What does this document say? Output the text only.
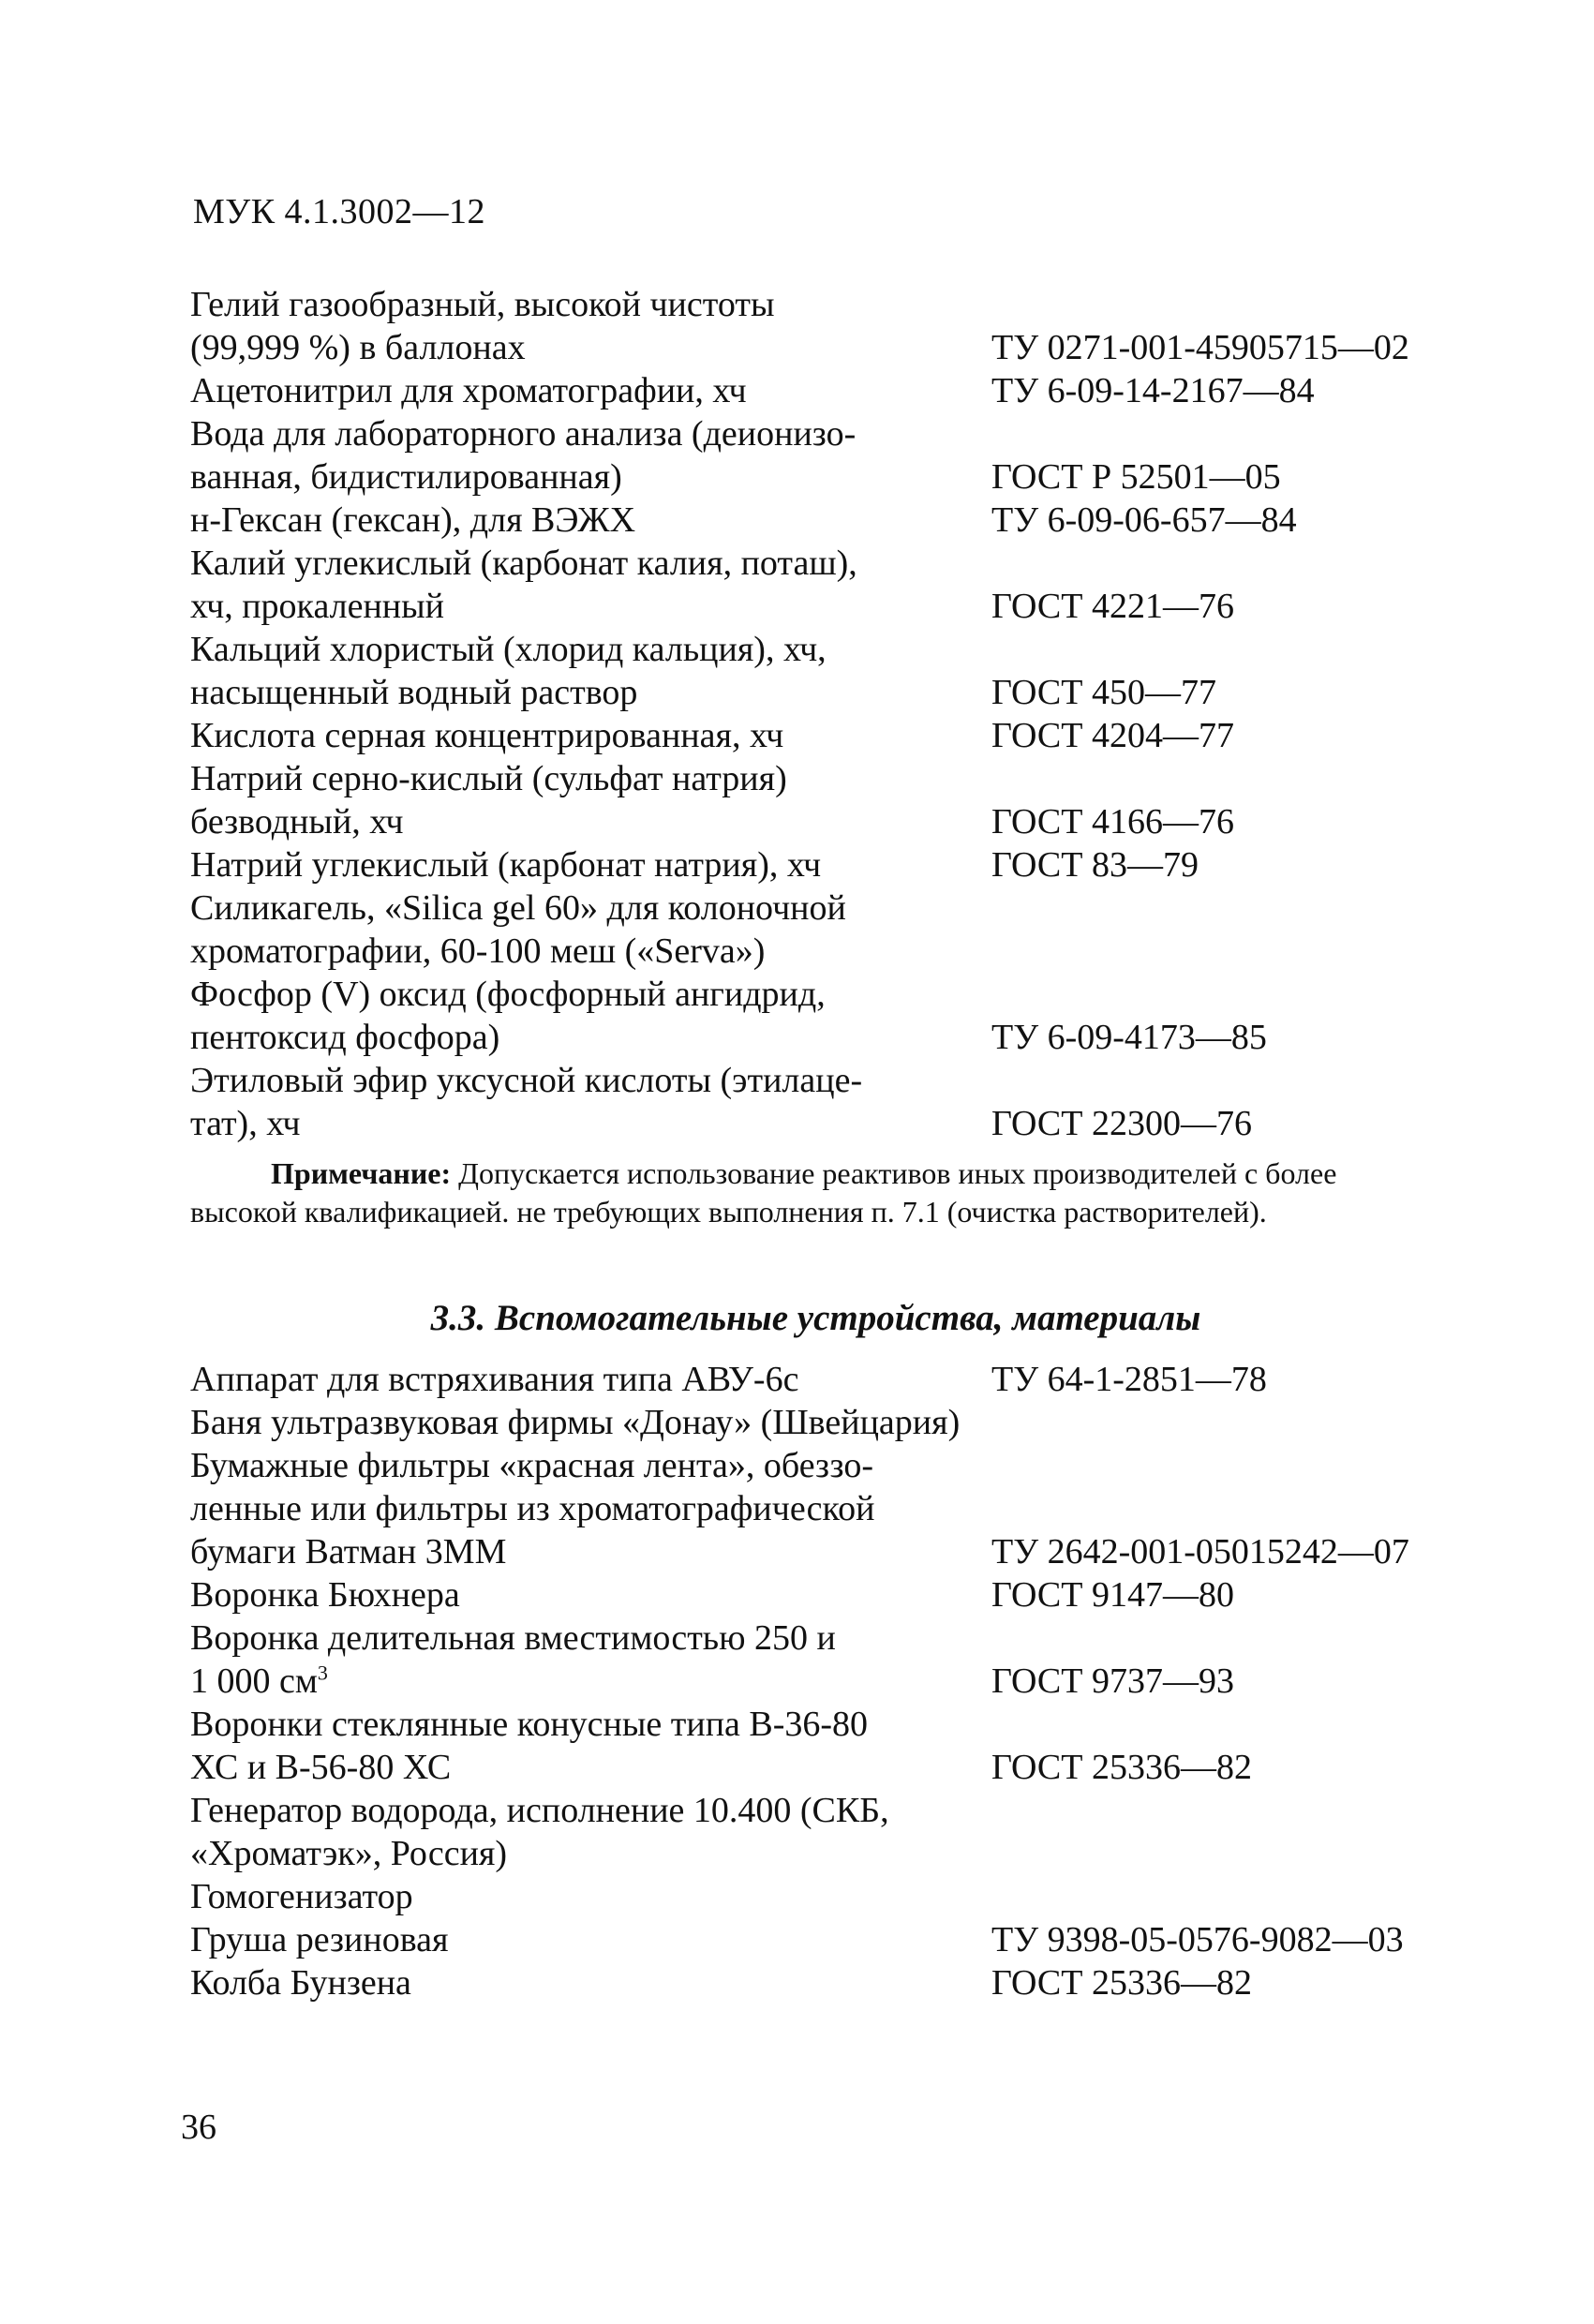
МУК 4.1.3002—12
Гелий газообразный, высокой чистоты
(99,999 %) в баллонах	ТУ 0271-001-45905715—02
Ацетонитрил для хроматографии, хч	ТУ 6-09-14-2167—84
Вода для лабораторного анализа (деионизо-
ванная, бидистилированная)	ГОСТ Р 52501—05
н-Гексан (гексан), для ВЭЖХ	ТУ 6-09-06-657—84
Калий углекислый (карбонат калия, поташ),
хч, прокаленный	ГОСТ 4221—76
Кальций хлористый (хлорид кальция), хч,
насыщенный водный раствор	ГОСТ 450—77
Кислота серная концентрированная, хч	ГОСТ 4204—77
Натрий серно-кислый (сульфат натрия)
безводный, хч	ГОСТ 4166—76
Натрий углекислый (карбонат натрия), хч	ГОСТ 83—79
Силикагель, «Silica gel 60» для колоночной
хроматографии, 60-100 меш («Serva»)
Фосфор (V) оксид (фосфорный ангидрид,
пентоксид фосфора)	ТУ 6-09-4173—85
Этиловый эфир уксусной кислоты (этилаце-
тат), хч	ГОСТ 22300—76
Примечание: Допускается использование реактивов иных производителей с более высокой квалификацией. не требующих выполнения п. 7.1 (очистка растворителей).
3.3. Вспомогательные устройства, материалы
Аппарат для встряхивания типа АВУ-6с	ТУ 64-1-2851—78
Баня ультразвуковая фирмы «Донау» (Швейцария)
Бумажные фильтры «красная лента», обеззо-
ленные или фильтры из хроматографической
бумаги Ватман 3ММ	ТУ 2642-001-05015242—07
Воронка Бюхнера	ГОСТ 9147—80
Воронка делительная вместимостью 250 и
1 000 $см^3$	ГОСТ 9737—93
Воронки стеклянные конусные типа В-36-80
ХС и В-56-80 ХС	ГОСТ 25336—82
Генератор водорода, исполнение 10.400 (СКБ,
«Хроматэк», Россия)
Гомогенизатор
Груша резиновая	ТУ 9398-05-0576-9082—03
Колба Бунзена	ГОСТ 25336—82
36
